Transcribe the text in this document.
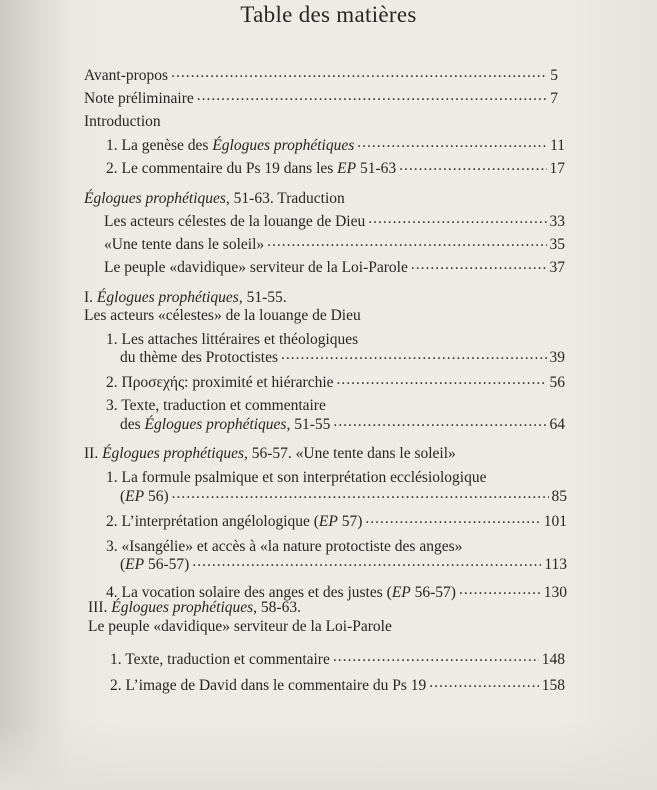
Table des matières
Avant-propos .....	5
Note préliminaire .....	7
Introduction
1. La genèse des Églogues prophétiques .....	11
2. Le commentaire du Ps 19 dans les EP 51-63 .....	17
Églogues prophétiques, 51-63. Traduction
Les acteurs célestes de la louange de Dieu .....	33
«Une tente dans le soleil» .....	35
Le peuple «davidique» serviteur de la Loi-Parole .....	37
I. Églogues prophétiques, 51-55.
Les acteurs «célestes» de la louange de Dieu
1. Les attaches littéraires et théologiques
du thème des Protoctistes .....	39
2. Προσεχής: proximité et hiérarchie .....	56
3. Texte, traduction et commentaire
des Églogues prophétiques, 51-55 .....	64
II. Églogues prophétiques, 56-57. «Une tente dans le soleil»
1. La formule psalmique et son interprétation ecclésiologique
(EP 56) .....	85
2. L’interprétation angélologique (EP 57) .....	101
3. «Isangélie» et accès à «la nature protoctiste des anges»
(EP 56-57) .....	113
4. La vocation solaire des anges et des justes (EP 56-57) .....	130
III. Églogues prophétiques, 58-63.
Le peuple «davidique» serviteur de la Loi-Parole
1. Texte, traduction et commentaire .....	148
2. L’image de David dans le commentaire du Ps 19 .....	158
